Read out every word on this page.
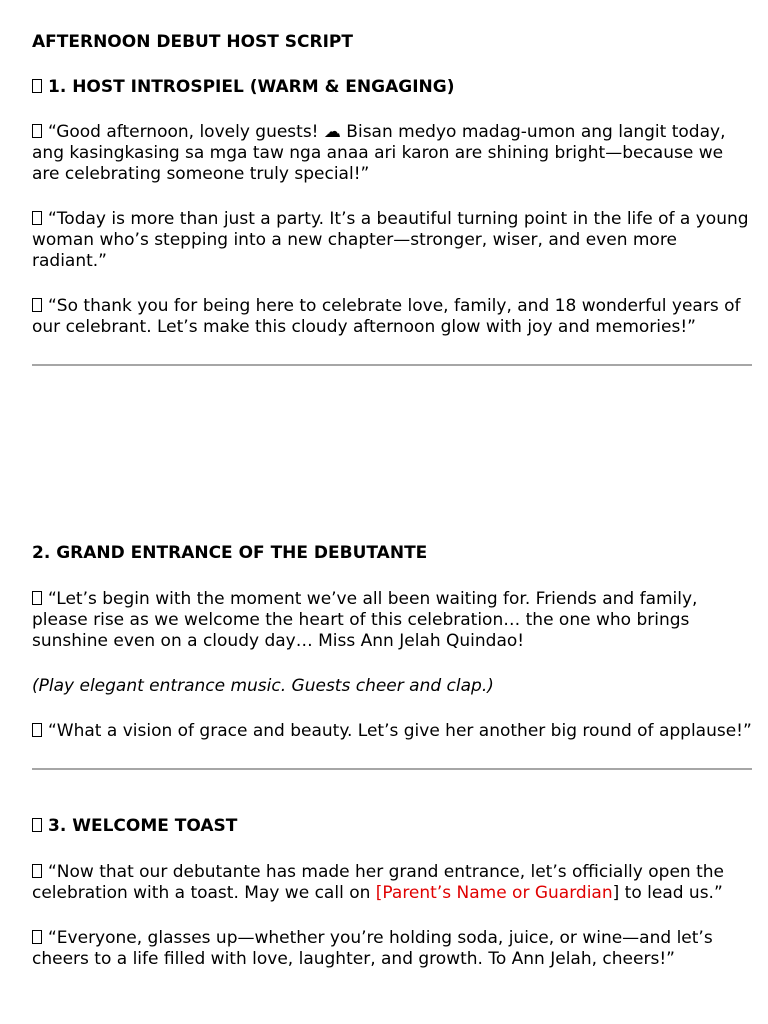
AFTERNOON DEBUT HOST SCRIPT

1. HOST INTROSPIEL (WARM & ENGAGING)

“Good afternoon, lovely guests! ☁ Bisan medyo madag-umon ang langit today, ang kasingkasing sa mga taw nga anaa ari karon are shining bright—because we are celebrating someone truly special!”

“Today is more than just a party. It’s a beautiful turning point in the life of a young woman who’s stepping into a new chapter—stronger, wiser, and even more radiant.”

“So thank you for being here to celebrate love, family, and 18 wonderful years of our celebrant. Let’s make this cloudy afternoon glow with joy and memories!”

2. GRAND ENTRANCE OF THE DEBUTANTE

“Let’s begin with the moment we’ve all been waiting for. Friends and family, please rise as we welcome the heart of this celebration… the one who brings sunshine even on a cloudy day… Miss Ann Jelah Quindao!

(Play elegant entrance music. Guests cheer and clap.)

“What a vision of grace and beauty. Let’s give her another big round of applause!”

3. WELCOME TOAST

“Now that our debutante has made her grand entrance, let’s officially open the celebration with a toast. May we call on [Parent’s Name or Guardian] to lead us.”

“Everyone, glasses up—whether you’re holding soda, juice, or wine—and let’s cheers to a life filled with love, laughter, and growth. To Ann Jelah, cheers!”
